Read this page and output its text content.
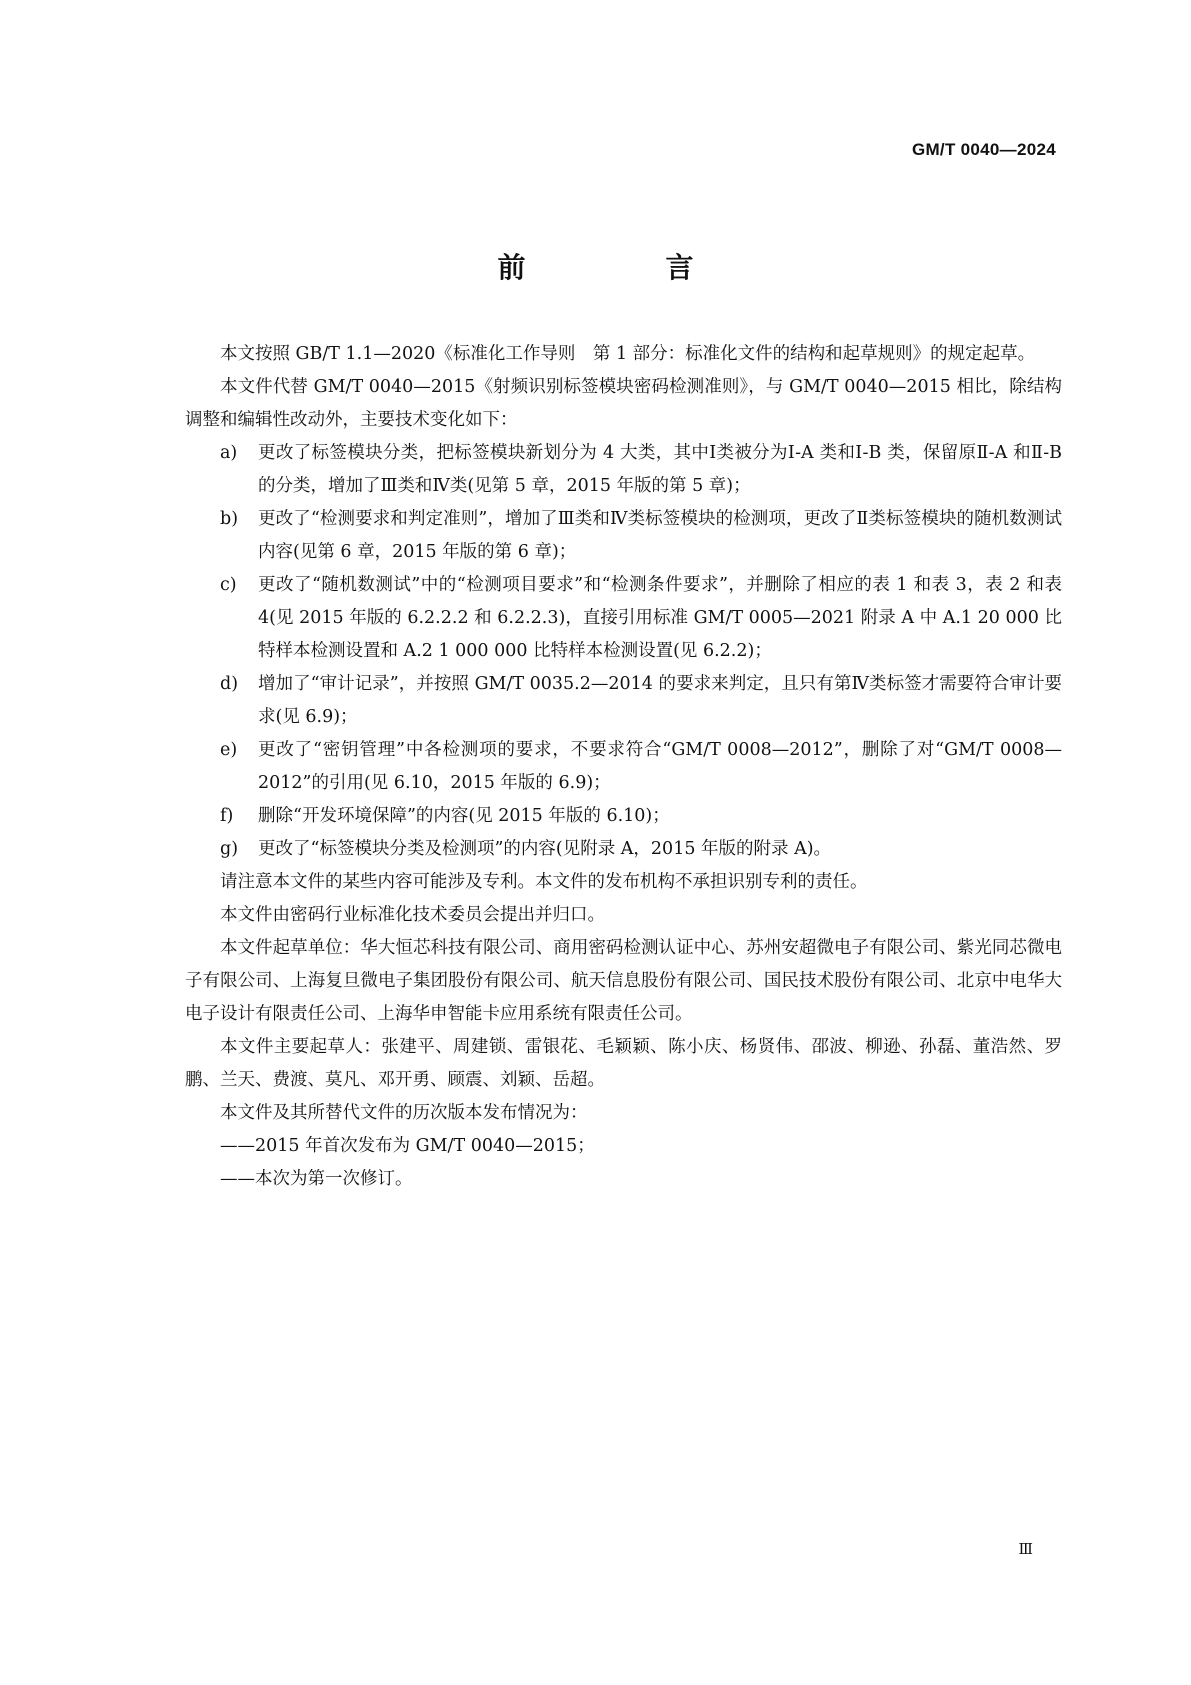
GM/T 0040—2024
前　言

本文按照 GB/T 1.1—2020《标准化工作导则　第 1 部分：标准化文件的结构和起草规则》的规定起草。

本文件代替 GM/T 0040—2015《射频识别标签模块密码检测准则》，与 GM/T 0040—2015 相比，除结构调整和编辑性改动外，主要技术变化如下：

a)	更改了标签模块分类，把标签模块新划分为 4 大类，其中Ⅰ类被分为Ⅰ-A 类和Ⅰ-B 类，保留原Ⅱ-A 和Ⅱ-B 的分类，增加了Ⅲ类和Ⅳ类(见第 5 章，2015 年版的第 5 章)；
b)	更改了“检测要求和判定准则”，增加了Ⅲ类和Ⅳ类标签模块的检测项，更改了Ⅱ类标签模块的随机数测试内容(见第 6 章，2015 年版的第 6 章)；
c)	更改了“随机数测试”中的“检测项目要求”和“检测条件要求”，并删除了相应的表 1 和表 3，表 2 和表 4(见 2015 年版的 6.2.2.2 和 6.2.2.3)，直接引用标准 GM/T 0005—2021 附录 A 中 A.1 20 000 比特样本检测设置和 A.2 1 000 000 比特样本检测设置(见 6.2.2)；
d)	增加了“审计记录”，并按照 GM/T 0035.2—2014 的要求来判定，且只有第Ⅳ类标签才需要符合审计要求(见 6.9)；
e)	更改了“密钥管理”中各检测项的要求，不要求符合“GM/T 0008—2012”，删除了对“GM/T 0008—2012”的引用(见 6.10，2015 年版的 6.9)；
f)	删除“开发环境保障”的内容(见 2015 年版的 6.10)；
g)	更改了“标签模块分类及检测项”的内容(见附录 A，2015 年版的附录 A)。

请注意本文件的某些内容可能涉及专利。本文件的发布机构不承担识别专利的责任。

本文件由密码行业标准化技术委员会提出并归口。

本文件起草单位：华大恒芯科技有限公司、商用密码检测认证中心、苏州安超微电子有限公司、紫光同芯微电子有限公司、上海复旦微电子集团股份有限公司、航天信息股份有限公司、国民技术股份有限公司、北京中电华大电子设计有限责任公司、上海华申智能卡应用系统有限责任公司。

本文件主要起草人：张建平、周建锁、雷银花、毛颖颖、陈小庆、杨贤伟、邵波、柳逊、孙磊、董浩然、罗鹏、兰天、费渡、莫凡、邓开勇、顾震、刘颖、岳超。

本文件及其所替代文件的历次版本发布情况为：

——2015 年首次发布为 GM/T 0040—2015；

——本次为第一次修订。

Ⅲ
